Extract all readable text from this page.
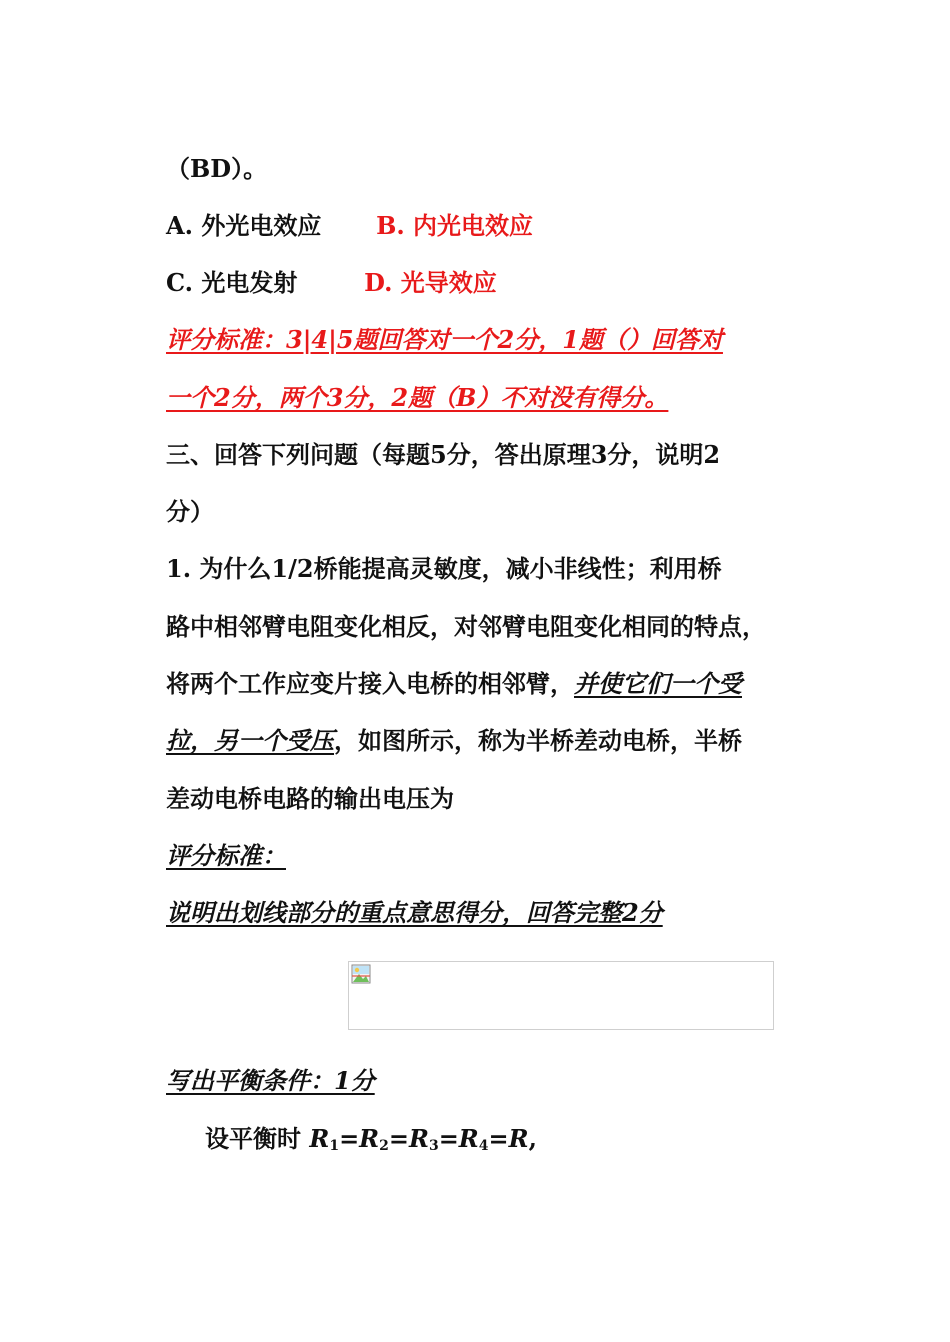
（BD）。
A. 外光电效应 B. 内光电效应
C. 光电发射	D. 光导效应
评分标准：3|4|5题回答对一个2分，1题（）回答对
一个2分，两个3分，2题（B）不对没有得分。
三、回答下列问题（每题5分，答出原理3分，说明2
分）
1. 为什么1/2桥能提高灵敏度，减小非线性；利用桥
路中相邻臂电阻变化相反，对邻臂电阻变化相同的特点，
将两个工作应变片接入电桥的相邻臂，并使它们一个受
拉，另一个受压，如图所示，称为半桥差动电桥，半桥
差动电桥电路的输出电压为
评分标准：
说明出划线部分的重点意思得分，回答完整2分
写出平衡条件：1分
设平衡时 $R_1=R_2=R_3=R_4=R$,
